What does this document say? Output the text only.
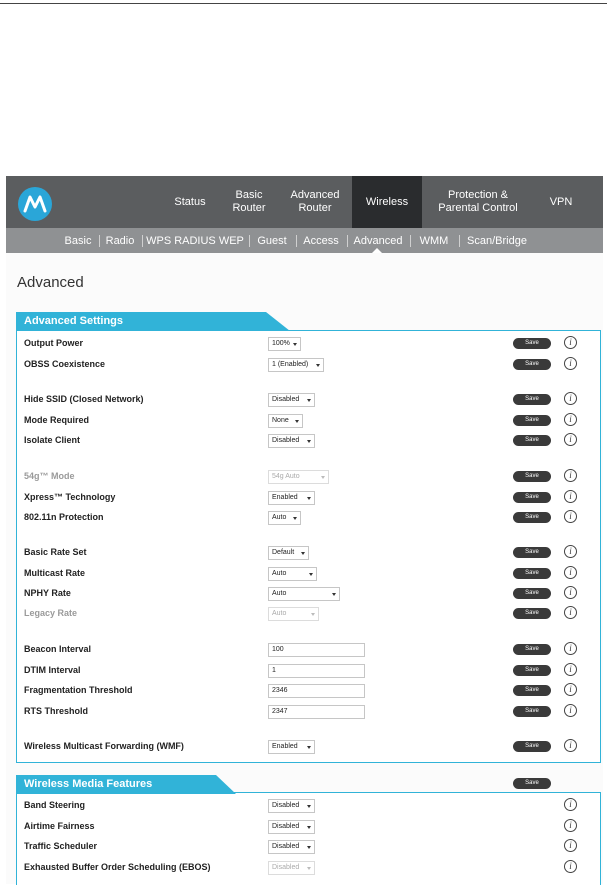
Status
Basic
Router
Advanced
Router
Wireless
Protection &
Parental Control
VPN
Basic Radio WPS RADIUS WEP Guest Access Advanced WMM Scan/Bridge
Advanced
Advanced Settings
Output Power	100%	Save	i
OBSS Coexistence	1 (Enabled)	Save	i
Hide SSID (Closed Network)	Disabled	Save	i
Mode Required	None	Save	i
Isolate Client	Disabled	Save	i
54g™ Mode	54g Auto	Save	i
Xpress™ Technology	Enabled	Save	i
802.11n Protection	Auto	Save	i
Basic Rate Set	Default	Save	i
Multicast Rate	Auto	Save	i
NPHY Rate	Auto	Save	i
Legacy Rate	Auto	Save	i
Beacon Interval	100	Save	i
DTIM Interval	1	Save	i
Fragmentation Threshold	2346	Save	i
RTS Threshold	2347	Save	i
Wireless Multicast Forwarding (WMF)	Enabled	Save	i
Wireless Media Features	Save
Band Steering	Disabled	i
Airtime Fairness	Disabled	i
Traffic Scheduler	Disabled	i
Exhausted Buffer Order Scheduling (EBOS)	Disabled	i
